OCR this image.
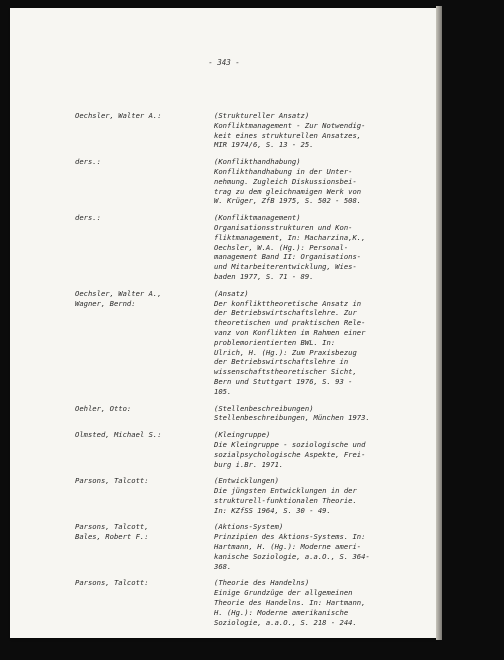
- 343 -
Oechsler, Walter A.:	(Struktureller Ansatz)
Konfliktmanagement - Zur Notwendig-
keit eines strukturellen Ansatzes,
MIR 1974/6, S. 13 - 25.
ders.:	(Konflikthandhabung)
Konflikthandhabung in der Unter-
nehmung. Zugleich Diskussionsbei-
trag zu dem gleichnamigen Werk von
W. Krüger, ZfB 1975, S. 502 - 508.
ders.:	(Konfliktmanagement)
Organisationsstrukturen und Kon-
fliktmanagement, In: Macharzina,K.,
Oechsler, W.A. (Hg.): Personal-
management Band II: Organisations-
und Mitarbeiterentwicklung, Wies-
baden 1977, S. 71 - 89.
Oechsler, Walter A.,
Wagner, Bernd:
(Ansatz)
Der konflikttheoretische Ansatz in
der Betriebswirtschaftslehre. Zur
theoretischen und praktischen Rele-
vanz von Konflikten im Rahmen einer
problemorientierten BWL. In:
Ulrich, H. (Hg.): Zum Praxisbezug
der Betriebswirtschaftslehre in
wissenschaftstheoretischer Sicht,
Bern und Stuttgart 1976, S. 93 -
105.
Oehler, Otto:	(Stellenbeschreibungen)
Stellenbeschreibungen, München 1973.
Olmsted, Michael S.:	(Kleingruppe)
Die Kleingruppe - soziologische und
sozialpsychologische Aspekte, Frei-
burg i.Br. 1971.
Parsons, Talcott:	(Entwicklungen)
Die jüngsten Entwicklungen in der
strukturell-funktionalen Theorie.
In: KZfSS 1964, S. 30 - 49.
Parsons, Talcott,
Bales, Robert F.:
(Aktions-System)
Prinzipien des Aktions-Systems. In:
Hartmann, H. (Hg.): Moderne ameri-
kanische Soziologie, a.a.O., S. 364-
368.
Parsons, Talcott:	(Theorie des Handelns)
Einige Grundzüge der allgemeinen
Theorie des Handelns. In: Hartmann,
H. (Hg.): Moderne amerikanische
Soziologie, a.a.O., S. 218 - 244.
